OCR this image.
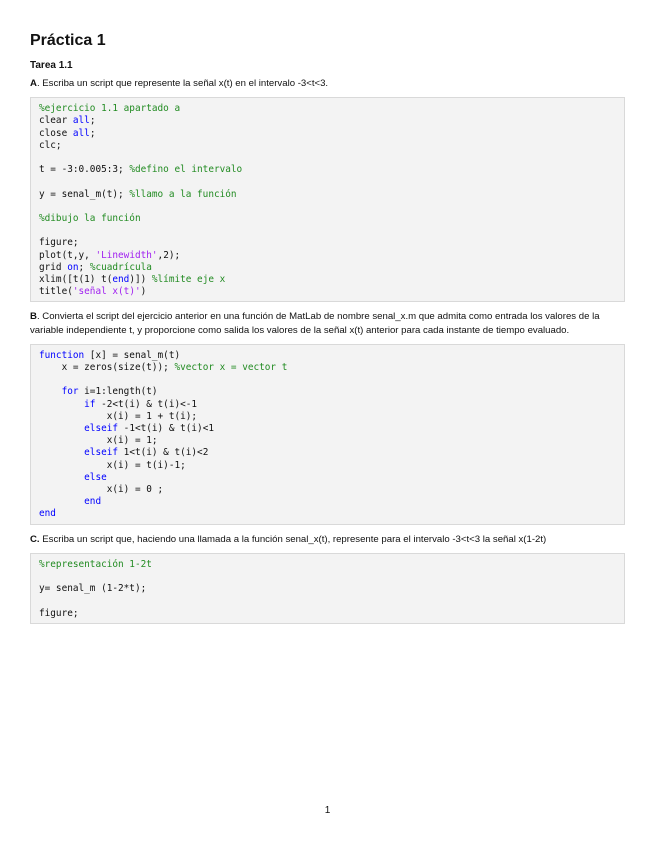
Práctica 1
Tarea 1.1

A. Escriba un script que represente la señal x(t) en el intervalo -3<t<3.

%ejercicio 1.1 apartado a
clear all;
close all;
clc;
t = -3:0.005:3; %defino el intervalo
y = senal_m(t); %llamo a la función
%dibujo la función
figure;
plot(t,y, 'Linewidth',2);
grid on; %cuadrícula
xlim([t(1) t(end)]) %límite eje x
title('señal x(t)')

B. Convierta el script del ejercicio anterior en una función de MatLab de nombre senal_x.m que admita como entrada los valores de la variable independiente t, y proporcione como salida los valores de la señal x(t) anterior para cada instante de tiempo evaluado.

function [x] = senal_m(t)
x = zeros(size(t)); %vector x = vector t
for i=1:length(t)
if -2<t(i) & t(i)<-1
x(i) = 1 + t(i);
elseif -1<t(i) & t(i)<1
x(i) = 1;
elseif 1<t(i) & t(i)<2
x(i) = t(i)-1;
else
x(i) = 0 ;
end
end

C. Escriba un script que, haciendo una llamada a la función senal_x(t), represente para el intervalo -3<t<3 la señal x(1-2t)

%representación 1-2t
y= senal_m (1-2*t);
figure;
1
